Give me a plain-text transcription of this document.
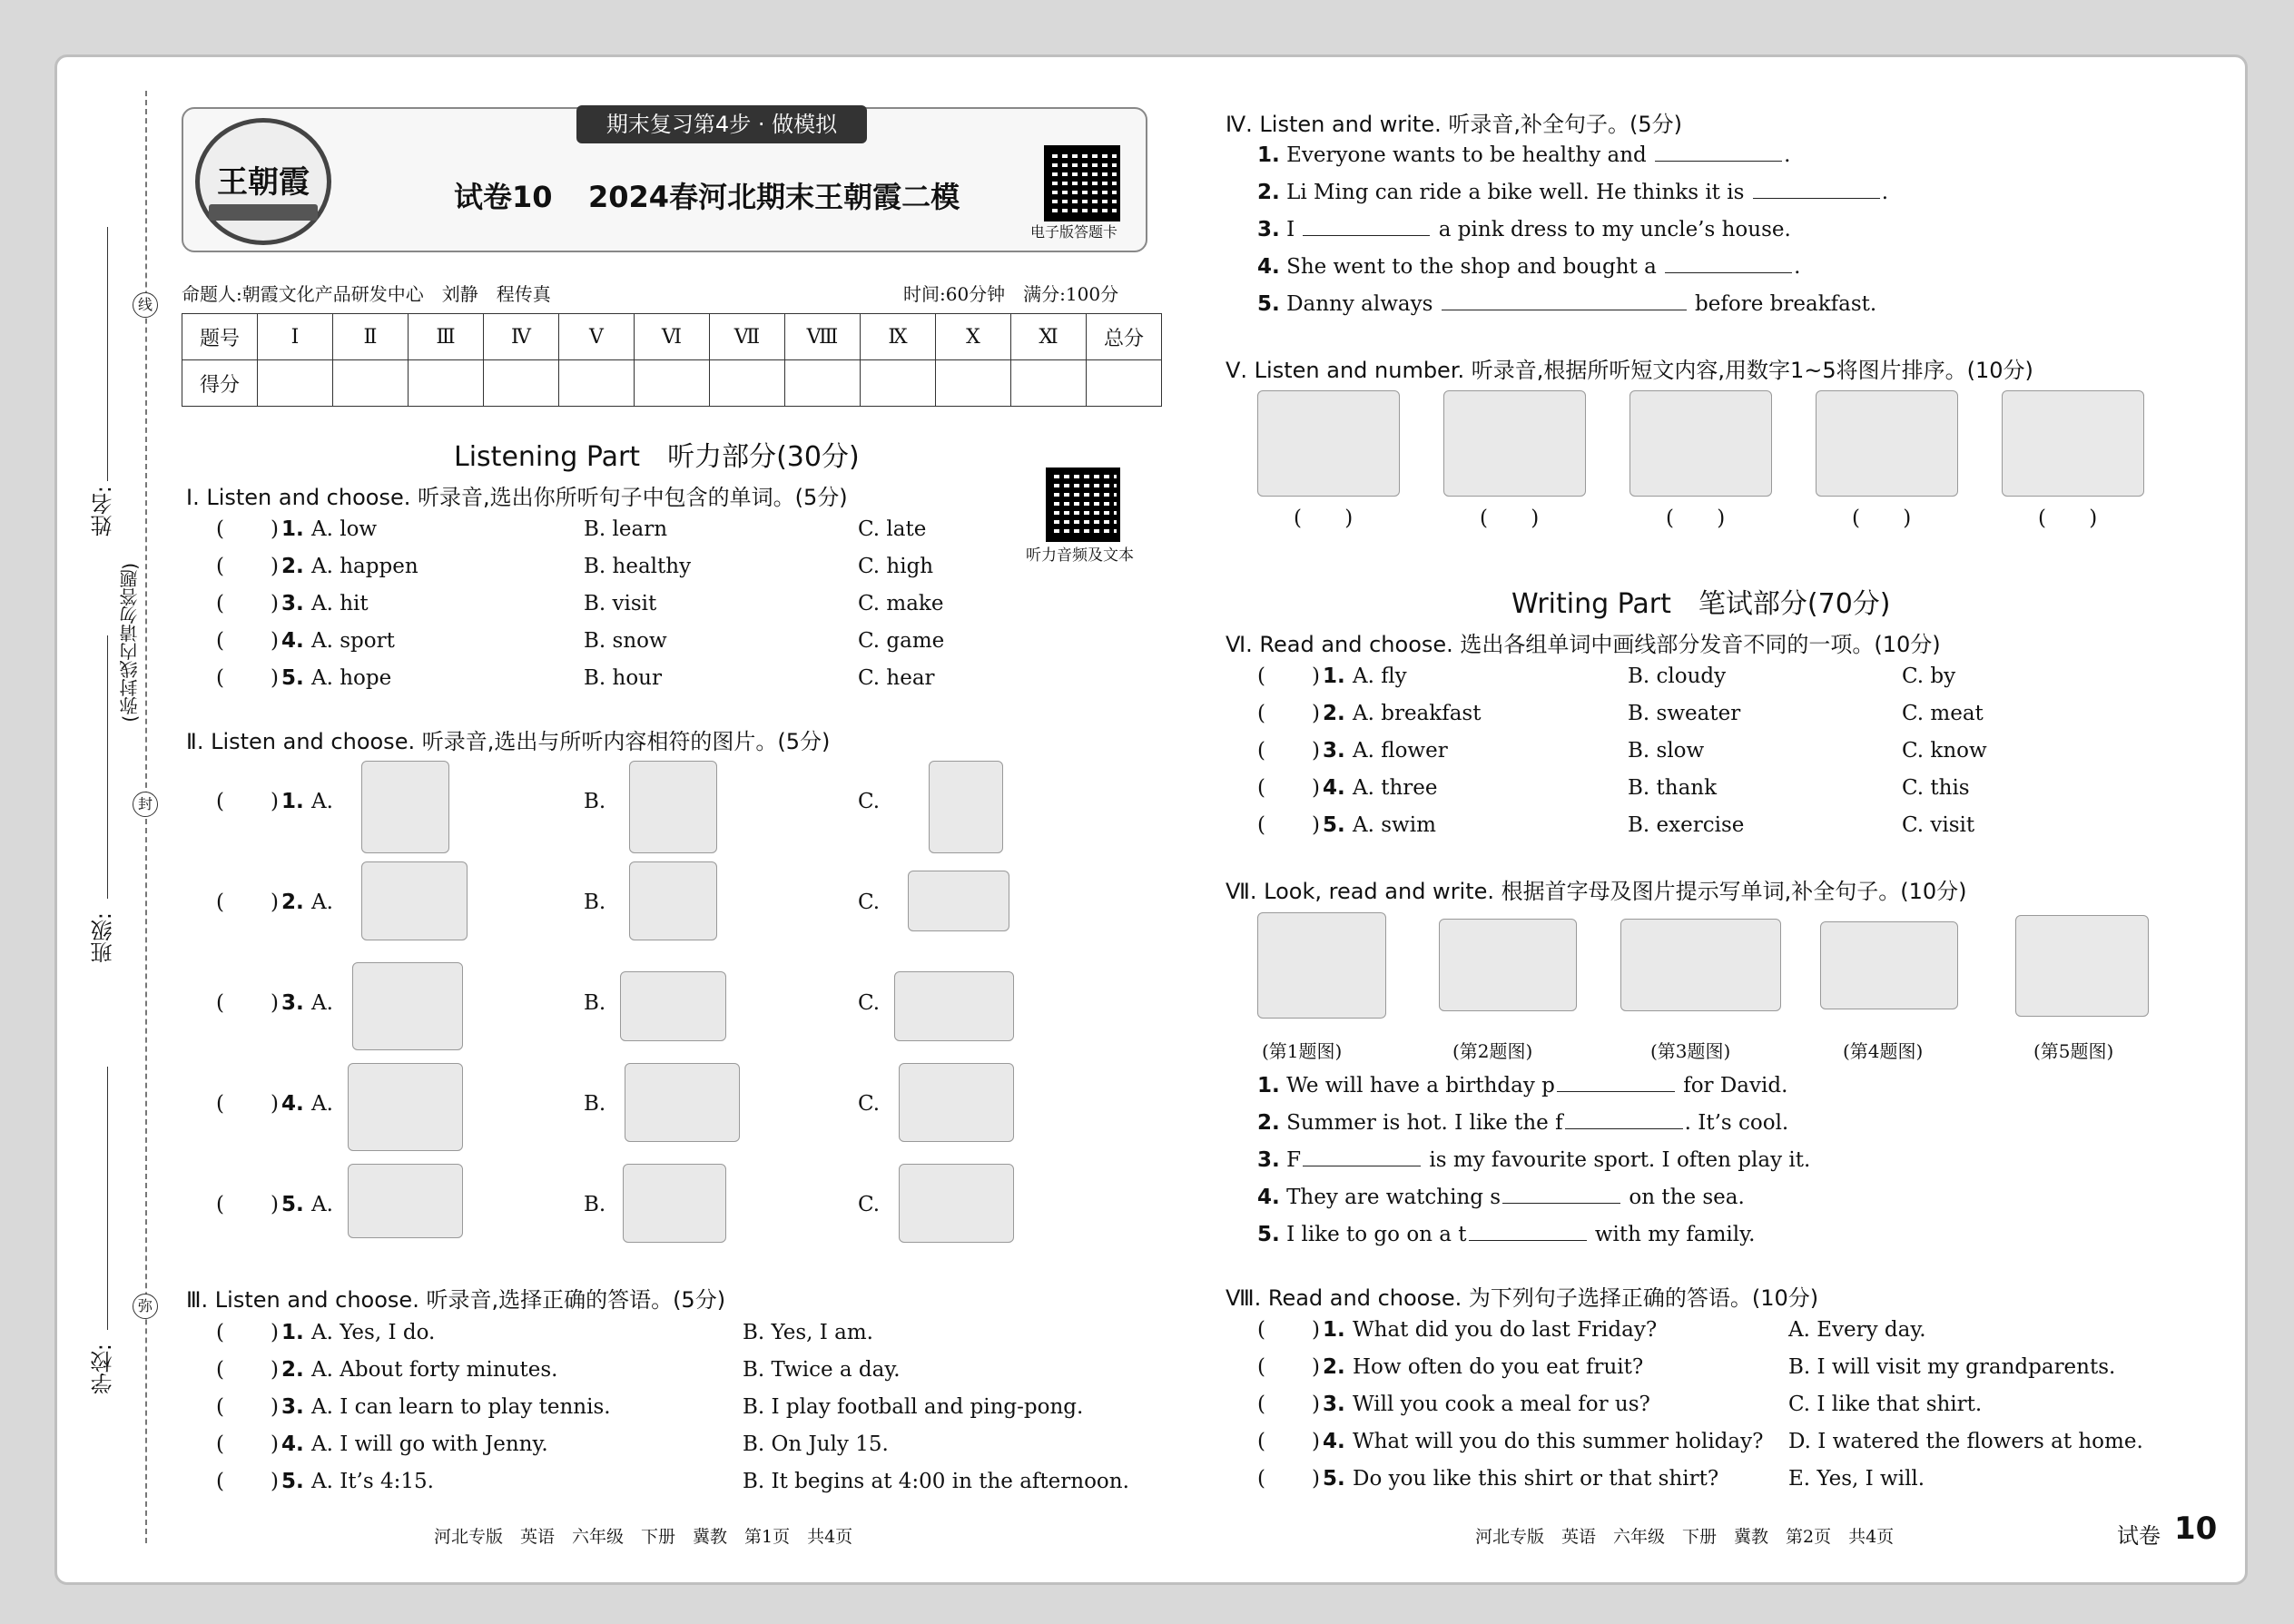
线
封
弥
(弥封线内请勿答题)
姓名:
班级:
学校:
王朝霞
期末复习第4步 · 做模拟
试卷10 2024春河北期末王朝霞二模
电子版答题卡
命题人:朝霞文化产品研发中心　刘静　程传真	时间:60分钟　满分:100分
题号	Ⅰ	Ⅱ	Ⅲ	Ⅳ	Ⅴ	Ⅵ	Ⅶ	Ⅷ	Ⅸ	Ⅹ	Ⅺ	总分
得分												
Listening Part　听力部分(30分)
听力音频及文本
Ⅰ. Listen and choose. 听录音,选出你所听句子中包含的单词。(5分)
( ) 1. A. low	B. learn	C. late
( ) 2. A. happen	B. healthy	C. high
( ) 3. A. hit	B. visit	C. make
( ) 4. A. sport	B. snow	C. game
( ) 5. A. hope	B. hour	C. hear
Ⅱ. Listen and choose. 听录音,选出与所听内容相符的图片。(5分)
( ) 1. A.	B.	C.
( ) 2. A.	B.	C.
( ) 3. A.	B.	C.
( ) 4. A.	B.	C.
( ) 5. A.	B.	C.
Ⅲ. Listen and choose. 听录音,选择正确的答语。(5分)
( ) 1. A. Yes, I do.	B. Yes, I am.
( ) 2. A. About forty minutes.	B. Twice a day.
( ) 3. A. I can learn to play tennis.	B. I play football and ping-pong.
( ) 4. A. I will go with Jenny.	B. On July 15.
( ) 5. A. It’s 4:15.	B. It begins at 4:00 in the afternoon.
河北专版　英语　六年级　下册　冀教　第1页　共4页
Ⅳ. Listen and write. 听录音,补全句子。(5分)
1. Everyone wants to be healthy and	.
2. Li Ming can ride a bike well. He thinks it is	.
3. I	a pink dress to my uncle’s house.
4. She went to the shop and bought a	.
5. Danny always	before breakfast.
Ⅴ. Listen and number. 听录音,根据所听短文内容,用数字1~5将图片排序。(10分)
( )	( )	( )	( )	( )
Writing Part　笔试部分(70分)
Ⅵ. Read and choose. 选出各组单词中画线部分发音不同的一项。(10分)
( ) 1. A. fly	B. cloudy	C. by
( ) 2. A. breakfast	B. sweater	C. meat
( ) 3. A. flower	B. slow	C. know
( ) 4. A. three	B. thank	C. this
( ) 5. A. swim	B. exercise	C. visit
Ⅶ. Look, read and write. 根据首字母及图片提示写单词,补全句子。(10分)
(第1题图)	(第2题图)	(第3题图)	(第4题图)	(第5题图)
1. We will have a birthday p	for David.
2. Summer is hot. I like the f	. It’s cool.
3. F	is my favourite sport. I often play it.
4. They are watching s	on the sea.
5. I like to go on a t	with my family.
Ⅷ. Read and choose. 为下列句子选择正确的答语。(10分)
( ) 1. What did you do last Friday?	A. Every day.
( ) 2. How often do you eat fruit?	B. I will visit my grandparents.
( ) 3. Will you cook a meal for us?	C. I like that shirt.
( ) 4. What will you do this summer holiday? D. I watered the flowers at home.
( ) 5. Do you like this shirt or that shirt?	E. Yes, I will.
河北专版　英语　六年级　下册　冀教　第2页　共4页	试卷 10
